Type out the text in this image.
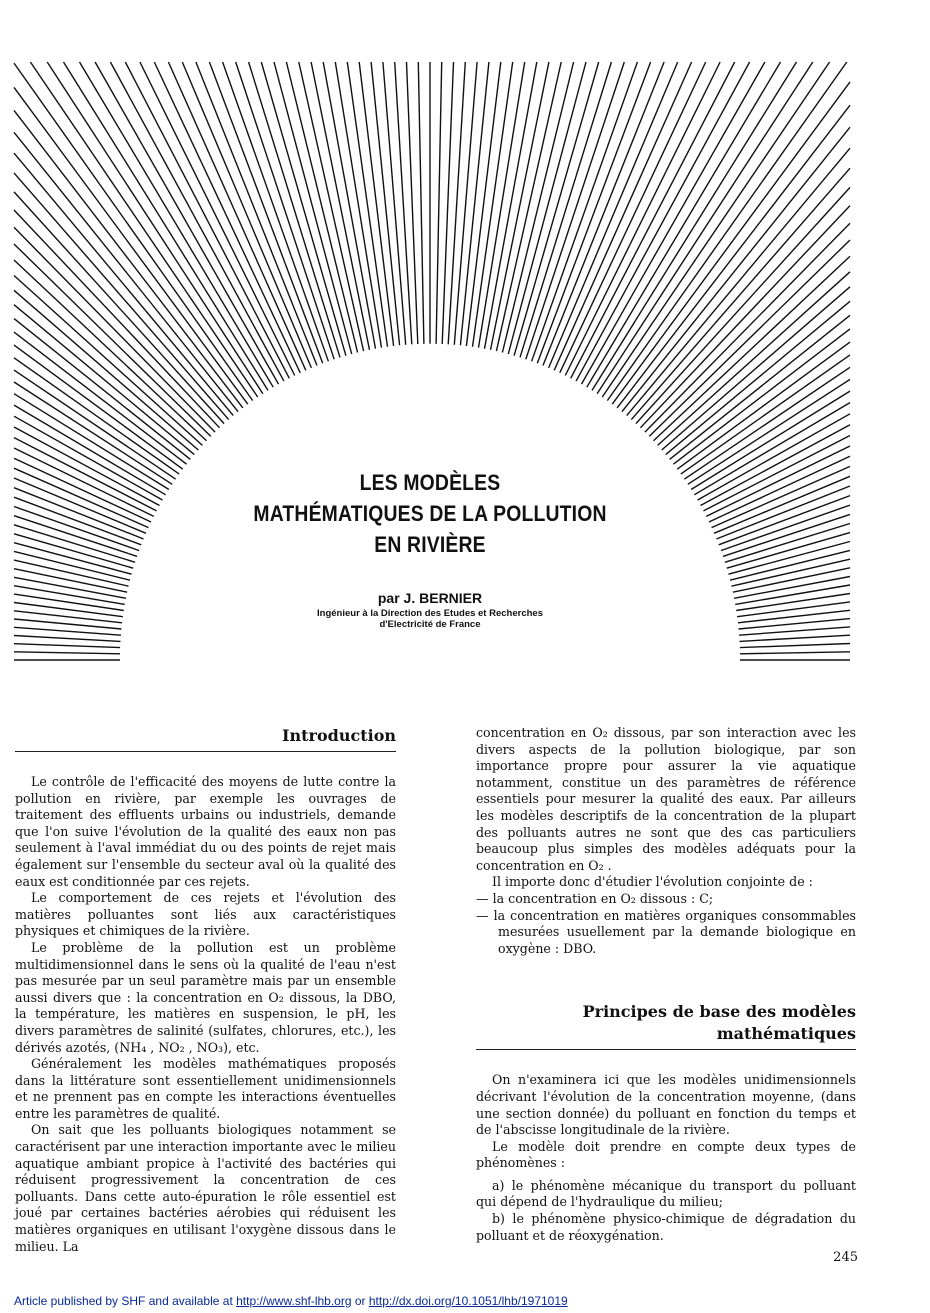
LES MODÈLES
MATHÉMATIQUES DE LA POLLUTION
EN RIVIÈRE
par J. BERNIER
Ingénieur à la Direction des Etudes et Recherches
d'Electricité de France
Introduction

Le contrôle de l'efficacité des moyens de lutte contre la pollution en rivière, par exemple les ouvrages de traitement des effluents urbains ou industriels, demande que l'on suive l'évolution de la qualité des eaux non pas seulement à l'aval immédiat du ou des points de rejet mais également sur l'ensemble du secteur aval où la qualité des eaux est conditionnée par ces rejets.

Le comportement de ces rejets et l'évolution des matières polluantes sont liés aux caractéristiques physiques et chimiques de la rivière.

Le problème de la pollution est un problème multidimensionnel dans le sens où la qualité de l'eau n'est pas mesurée par un seul paramètre mais par un ensemble aussi divers que : la concentration en O₂ dissous, la DBO, la température, les matières en suspension, le pH, les divers paramètres de salinité (sulfates, chlorures, etc.), les dérivés azotés, (NH₄ , NO₂ , NO₃), etc.

Généralement les modèles mathématiques proposés dans la littérature sont essentiellement unidimensionnels et ne prennent pas en compte les interactions éventuelles entre les paramètres de qualité.

On sait que les polluants biologiques notamment se caractérisent par une interaction importante avec le milieu aquatique ambiant propice à l'activité des bactéries qui réduisent progressivement la concentration de ces polluants. Dans cette auto-épuration le rôle essentiel est joué par certaines bactéries aérobies qui réduisent les matières organiques en utilisant l'oxygène dissous dans le milieu. La

concentration en O₂ dissous, par son interaction avec les divers aspects de la pollution biologique, par son importance propre pour assurer la vie aquatique notamment, constitue un des paramètres de référence essentiels pour mesurer la qualité des eaux. Par ailleurs les modèles descriptifs de la concentration de la plupart des polluants autres ne sont que des cas particuliers beaucoup plus simples des modèles adéquats pour la concentration en O₂ .

Il importe donc d'étudier l'évolution conjointe de :

— la concentration en O₂ dissous : C;

— la concentration en matières organiques consommables mesurées usuellement par la demande biologique en oxygène : DBO.

Principes de base des modèles
mathématiques

On n'examinera ici que les modèles unidimensionnels décrivant l'évolution de la concentration moyenne, (dans une section donnée) du polluant en fonction du temps et de l'abscisse longitudinale de la rivière.

Le modèle doit prendre en compte deux types de phénomènes :

a) le phénomène mécanique du transport du polluant qui dépend de l'hydraulique du milieu;

b) le phénomène physico-chimique de dégradation du polluant et de réoxygénation.

245
Article published by SHF and available at http://www.shf-lhb.org or http://dx.doi.org/10.1051/lhb/1971019
